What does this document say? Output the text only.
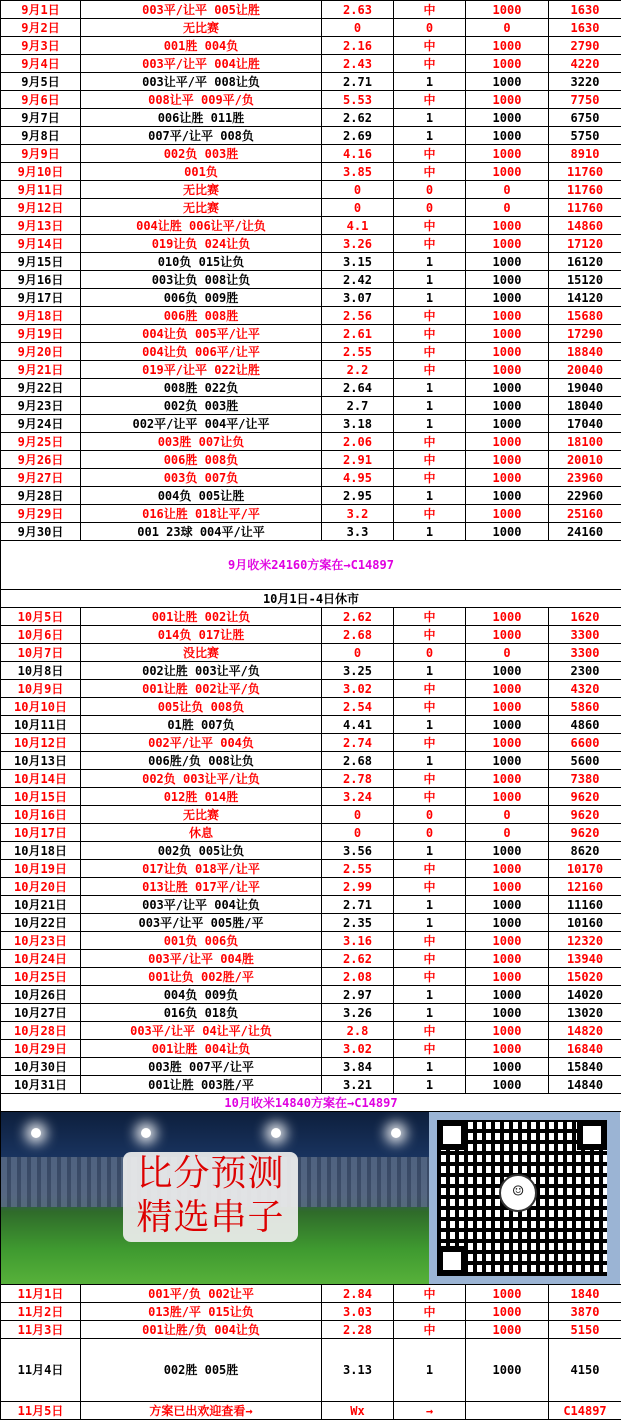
9月1日	003平/让平 005让胜	2.63	中	1000	1630
9月2日	无比赛	0	0	0	1630
9月3日	001胜 004负	2.16	中	1000	2790
9月4日	003平/让平 004让胜	2.43	中	1000	4220
9月5日	003让平/平 008让负	2.71	1	1000	3220
9月6日	008让平 009平/负	5.53	中	1000	7750
9月7日	006让胜 011胜	2.62	1	1000	6750
9月8日	007平/让平 008负	2.69	1	1000	5750
9月9日	002负 003胜	4.16	中	1000	8910
9月10日	001负	3.85	中	1000	11760
9月11日	无比赛	0	0	0	11760
9月12日	无比赛	0	0	0	11760
9月13日	004让胜 006让平/让负	4.1	中	1000	14860
9月14日	019让负 024让负	3.26	中	1000	17120
9月15日	010负 015让负	3.15	1	1000	16120
9月16日	003让负 008让负	2.42	1	1000	15120
9月17日	006负 009胜	3.07	1	1000	14120
9月18日	006胜 008胜	2.56	中	1000	15680
9月19日	004让负 005平/让平	2.61	中	1000	17290
9月20日	004让负 006平/让平	2.55	中	1000	18840
9月21日	019平/让平 022让胜	2.2	中	1000	20040
9月22日	008胜 022负	2.64	1	1000	19040
9月23日	002负 003胜	2.7	1	1000	18040
9月24日	002平/让平 004平/让平	3.18	1	1000	17040
9月25日	003胜 007让负	2.06	中	1000	18100
9月26日	006胜 008负	2.91	中	1000	20010
9月27日	003负 007负	4.95	中	1000	23960
9月28日	004负 005让胜	2.95	1	1000	22960
9月29日	016让胜 018让平/平	3.2	中	1000	25160
9月30日	001 23球 004平/让平	3.3	1	1000	24160
9月收米24160方案在→C14897					
10月1日-4日休市					
10月5日	001让胜 002让负	2.62	中	1000	1620
10月6日	014负 017让胜	2.68	中	1000	3300
10月7日	没比赛	0	0	0	3300
10月8日	002让胜 003让平/负	3.25	1	1000	2300
10月9日	001让胜 002让平/负	3.02	中	1000	4320
10月10日	005让负 008负	2.54	中	1000	5860
10月11日	01胜 007负	4.41	1	1000	4860
10月12日	002平/让平 004负	2.74	中	1000	6600
10月13日	006胜/负 008让负	2.68	1	1000	5600
10月14日	002负 003让平/让负	2.78	中	1000	7380
10月15日	012胜 014胜	3.24	中	1000	9620
10月16日	无比赛	0	0	0	9620
10月17日	休息	0	0	0	9620
10月18日	002负 005让负	3.56	1	1000	8620
10月19日	017让负 018平/让平	2.55	中	1000	10170
10月20日	013让胜 017平/让平	2.99	中	1000	12160
10月21日	003平/让平 004让负	2.71	1	1000	11160
10月22日	003平/让平 005胜/平	2.35	1	1000	10160
10月23日	001负 006负	3.16	中	1000	12320
10月24日	003平/让平 004胜	2.62	中	1000	13940
10月25日	001让负 002胜/平	2.08	中	1000	15020
10月26日	004负 009负	2.97	1	1000	14020
10月27日	016负 018负	3.26	1	1000	13020
10月28日	003平/让平 04让平/让负	2.8	中	1000	14820
10月29日	001让胜 004让负	3.02	中	1000	16840
10月30日	003胜 007平/让平	3.84	1	1000	15840
10月31日	001让胜 003胜/平	3.21	1	1000	14840
10月收米14840方案在→C14897					

比分预测
精选串子
☺					

11月1日	001平/负 002让平	2.84	中	1000	1840
11月2日	013胜/平 015让负	3.03	中	1000	3870
11月3日	001让胜/负 004让负	2.28	中	1000	5150
11月4日	002胜 005胜	3.13	1	1000	4150
11月5日	方案已出欢迎查看→	Wx	→		C14897
